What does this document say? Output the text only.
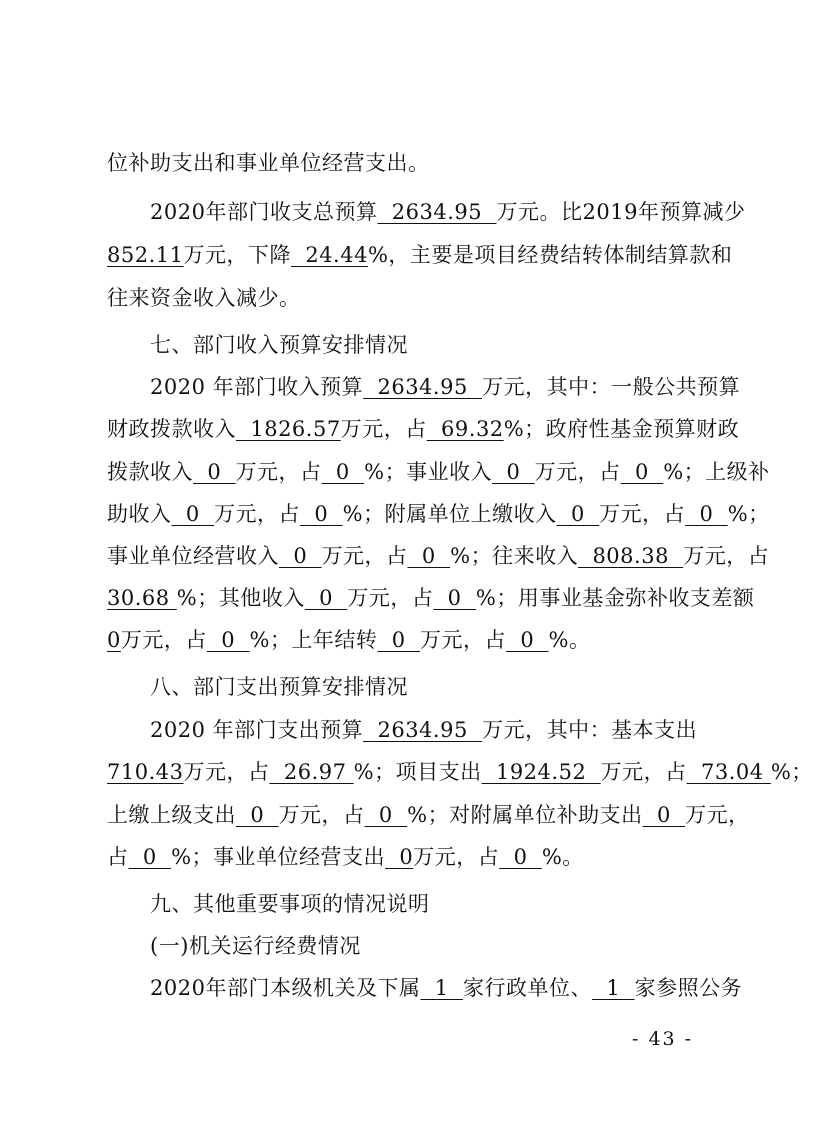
位补助支出和事业单位经营支出。
　　2020年部门收支总预算  2634.95  万元。比2019年预算减少
852.11万元，下降  24.44%，主要是项目经费结转体制结算款和
往来资金收入减少。
　　七、部门收入预算安排情况
　　2020 年部门收入预算  2634.95  万元，其中：一般公共预算
财政拨款收入  1826.57万元，占  69.32%；政府性基金预算财政
拨款收入  0  万元，占  0  %；事业收入  0  万元，占  0  %；上级补
助收入  0  万元，占  0  %；附属单位上缴收入  0  万元，占  0  %；
事业单位经营收入  0  万元，占  0  %；往来收入  808.38  万元，占
30.68 %；其他收入  0  万元，占  0  %；用事业基金弥补收支差额
0万元，占  0  %；上年结转  0  万元，占  0  %。
　　八、部门支出预算安排情况
　　2020 年部门支出预算  2634.95  万元，其中：基本支出
710.43万元，占  26.97 %；项目支出  1924.52  万元，占  73.04 %；
上缴上级支出  0  万元，占  0  %；对附属单位补助支出  0  万元，
占  0  %；事业单位经营支出  0万元，占  0  %。
　　九、其他重要事项的情况说明
　　(一)机关运行经费情况
　　2020年部门本级机关及下属  1  家行政单位、  1  家参照公务
- 43 -
